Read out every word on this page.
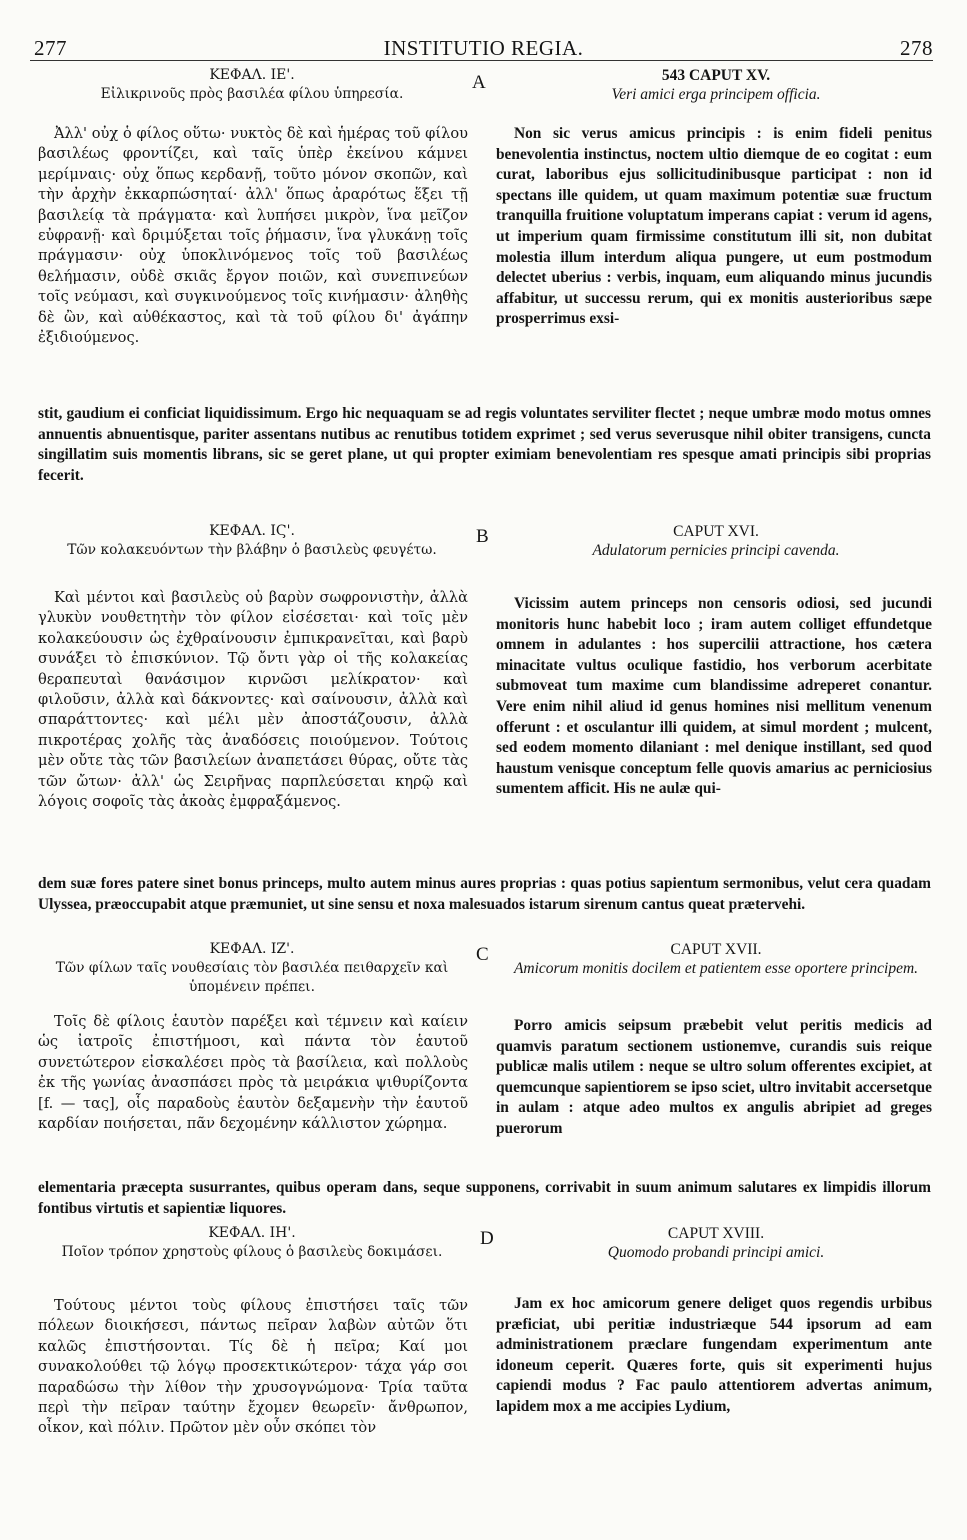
277	INSTITUTIO REGIA.	278
A
B
C
D
ΚΕΦΑΛ. ΙΕ'.
Εἰλικρινοῦς πρὸς βασιλέα φίλου ὑπηρεσία.

Ἀλλ' οὐχ ὁ φίλος οὕτω· νυκτὸς δὲ καὶ ἡμέρας τοῦ φίλου βασιλέως φροντίζει, καὶ ταῖς ὑπὲρ ἐκείνου κάμνει μερίμναις· οὐχ ὅπως κερδανῇ, τοῦτο μόνον σκοπῶν, καὶ τὴν ἀρχὴν ἐκκαρπώσηταί· ἀλλ' ὅπως ἀραρότως ἕξει τῇ βασιλείᾳ τὰ πράγματα· καὶ λυπήσει μικρὸν, ἵνα μεῖζον εὐφρανῇ· καὶ δριμύξεται τοῖς ῥήμασιν, ἵνα γλυκάνῃ τοῖς πράγμασιν· οὐχ ὑποκλινόμενος τοῖς τοῦ βασιλέως θελήμασιν, οὐδὲ σκιᾶς ἔργον ποιῶν, καὶ συνεπινεύων τοῖς νεύμασι, καὶ συγκινούμενος τοῖς κινήμασιν· ἀληθὴς δὲ ὢν, καὶ αὐθέκαστος, καὶ τὰ τοῦ φίλου δι' ἀγάπην ἐξιδιούμενος.

543 CAPUT XV.
Veri amici erga principem officia.

Non sic verus amicus principis : is enim fideli penitus benevolentia instinctus, noctem ultio diemque de eo cogitat : eum curat, laboribus ejus sollicitudinibusque participat : non id spectans ille quidem, ut quam maximum potentiæ suæ fructum tranquilla fruitione voluptatum imperans capiat : verum id agens, ut imperium quam firmissime constitutum illi sit, non dubitat molestia illum interdum aliqua pungere, ut eum postmodum delectet uberius : verbis, inquam, eum aliquando minus jucundis affabitur, ut successu rerum, qui ex monitis austerioribus sæpe prosperrimus exsi-

stit, gaudium ei conficiat liquidissimum. Ergo hic nequaquam se ad regis voluntates serviliter flectet ; neque umbræ modo motus omnes annuentis abnuentisque, pariter assentans nutibus ac renutibus totidem exprimet ; sed verus severusque nihil obiter transigens, cuncta singillatim suis momentis librans, sic se geret plane, ut qui propter eximiam benevolentiam res spesque amati principis sibi proprias fecerit.
ΚΕΦΑΛ. ΙϚ'.
Τῶν κολακευόντων τὴν βλάβην ὁ βασιλεὺς φευγέτω.

Καὶ μέντοι καὶ βασιλεὺς οὐ βαρὺν σωφρονιστὴν, ἀλλὰ γλυκὺν νουθετητὴν τὸν φίλον εἰσέσεται· καὶ τοῖς μὲν κολακεύουσιν ὡς ἐχθραίνουσιν ἐμπικρανεῖται, καὶ βαρὺ συνάξει τὸ ἐπισκύνιον. Τῷ ὄντι γὰρ οἱ τῆς κολακείας θεραπευταὶ θανάσιμον κιρνῶσι μελίκρατον· καὶ φιλοῦσιν, ἀλλὰ καὶ δάκνοντες· καὶ σαίνουσιν, ἀλλὰ καὶ σπαράττοντες· καὶ μέλι μὲν ἀποστάζουσιν, ἀλλὰ πικροτέρας χολῆς τὰς ἀναδόσεις ποιούμενον. Τούτοις μὲν οὔτε τὰς τῶν βασιλείων ἀναπετάσει θύρας, οὔτε τὰς τῶν ὤτων· ἀλλ' ὡς Σειρῆνας παρπλεύσεται κηρῷ καὶ λόγοις σοφοῖς τὰς ἀκοὰς ἐμφραξάμενος.

CAPUT XVI.
Adulatorum pernicies principi cavenda.

Vicissim autem princeps non censoris odiosi, sed jucundi monitoris hunc habebit loco ; iram autem colliget effundetque omnem in adulantes : hos supercilii attractione, hos cætera minacitate vultus oculique fastidio, hos verborum acerbitate submoveat tum maxime cum blandissime adreperet conantur. Vere enim nihil aliud id genus homines nisi mellitum venenum offerunt : et osculantur illi quidem, at simul mordent ; mulcent, sed eodem momento dilaniant : mel denique instillant, sed quod haustum venisque conceptum felle quovis amarius ac perniciosius sumentem afficit. His ne aulæ qui-

dem suæ fores patere sinet bonus princeps, multo autem minus aures proprias : quas potius sapientum sermonibus, velut cera quadam Ulyssea, præoccupabit atque præmuniet, ut sine sensu et noxa malesuados istarum sirenum cantus queat prætervehi.
ΚΕΦΑΛ. ΙΖ'.
Τῶν φίλων ταῖς νουθεσίαις τὸν βασιλέα πειθαρχεῖν καὶ ὑπομένειν πρέπει.

Τοῖς δὲ φίλοις ἑαυτὸν παρέξει καὶ τέμνειν καὶ καίειν ὡς ἰατροῖς ἐπιστήμοσι, καὶ πάντα τὸν ἑαυτοῦ συνετώτερον εἰσκαλέσει πρὸς τὰ βασίλεια, καὶ πολλοὺς ἐκ τῆς γωνίας ἀνασπάσει πρὸς τὰ μειράκια ψιθυρίζοντα [f. — τας], οἷς παραδοὺς ἑαυτὸν δεξαμενὴν τὴν ἑαυτοῦ καρδίαν ποιήσεται, πᾶν δεχομένην κάλλιστον χώρημα.

CAPUT XVII.
Amicorum monitis docilem et patientem esse oportere principem.

Porro amicis seipsum præbebit velut peritis medicis ad quamvis paratum sectionem ustionemve, curandis suis reique publicæ malis utilem : neque se ultro solum offerentes excipiet, at quemcunque sapientiorem se ipso sciet, ultro invitabit accersetque in aulam : atque adeo multos ex angulis abripiet ad greges puerorum

elementaria præcepta susurrantes, quibus operam dans, seque supponens, corrivabit in suum animum salutares ex limpidis illorum fontibus virtutis et sapientiæ liquores.
ΚΕΦΑΛ. ΙΗ'.
Ποῖον τρόπον χρηστοὺς φίλους ὁ βασιλεὺς δοκιμάσει.

Τούτους μέντοι τοὺς φίλους ἐπιστήσει ταῖς τῶν πόλεων διοικήσεσι, πάντως πεῖραν λαβὼν αὐτῶν ὅτι καλῶς ἐπιστήσονται. Τίς δὲ ἡ πεῖρα; Καί μοι συνακολούθει τῷ λόγῳ προσεκτικώτερον· τάχα γάρ σοι παραδώσω τὴν λίθον τὴν χρυσογνώμονα· Τρία ταῦτα περὶ τὴν πεῖραν ταύτην ἔχομεν θεωρεῖν· ἄνθρωπον, οἶκον, καὶ πόλιν. Πρῶτον μὲν οὖν σκόπει τὸν

CAPUT XVIII.
Quomodo probandi principi amici.

Jam ex hoc amicorum genere deliget quos regendis urbibus præficiat, ubi peritiæ industriæque 544 ipsorum ad eam administrationem præclare fungendam experimentum ante idoneum ceperit. Quæres forte, quis sit experimenti hujus capiendi modus ? Fac paulo attentiorem advertas animum, lapidem mox a me accipies Lydium,
